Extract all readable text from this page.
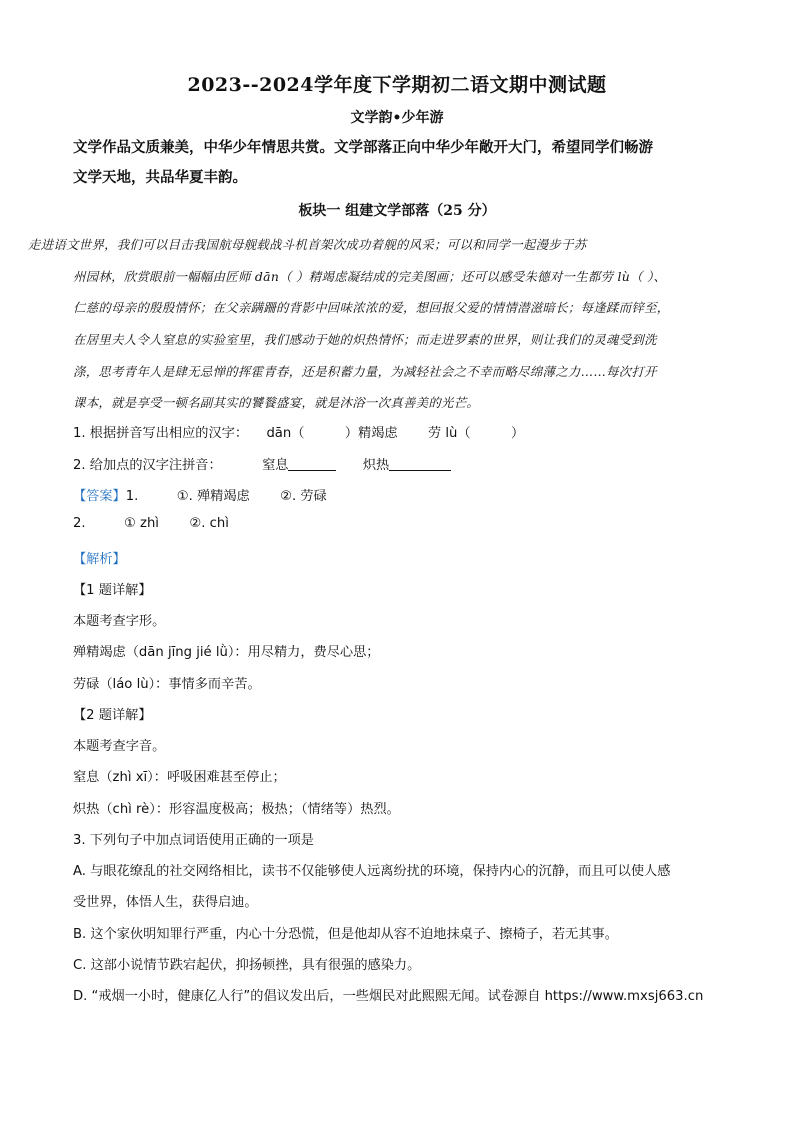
2023--2024学年度下学期初二语文期中测试题
文学韵•少年游
文学作品文质兼美，中华少年情思共赏。文学部落正向中华少年敞开大门，希望同学们畅游
文学天地，共品华夏丰韵。
板块一 组建文学部落（25 分）
走进语文世界，我们可以目击我国航母舰载战斗机首架次成功着舰的风采；可以和同学一起漫步于苏
州园林，欣赏眼前一幅幅由匠师 dān（ ）精竭虑凝结成的完美图画；还可以感受朱德对一生都劳 lù（ ）、
仁慈的母亲的殷殷情怀；在父亲蹒跚的背影中回味浓浓的爱，想回报父爱的情情潜滋暗长；每逢蹂而锌至，
在居里夫人令人窒息的实验室里，我们感动于她的炽热情怀；而走进罗素的世界，则让我们的灵魂受到洗
涤，思考青年人是肆无忌惮的挥霍青春，还是积蓄力量，为减轻社会之不幸而略尽绵薄之力……每次打开
课本，就是享受一顿名副其实的饕餮盛宴，就是沐浴一次真善美的光芒。
1. 根据拼音写出相应的汉字： dān（	）精竭虑 劳 lù（	）
2. 给加点的汉字注拼音：	窒息	炽热
【答案】1.	①. 殚精竭虑 ②. 劳碌
2.	① zhì ②. chì
【解析】
【1 题详解】
本题考查字形。
殚精竭虑（dān jīng jié lǜ）：用尽精力，费尽心思；
劳碌（láo lù）：事情多而辛苦。
【2 题详解】
本题考查字音。
窒息（zhì xī）：呼吸困难甚至停止；
炽热（chì rè）：形容温度极高；极热；（情绪等）热烈。
3. 下列句子中加点词语使用正确的一项是
A. 与眼花缭乱的社交网络相比，读书不仅能够使人远离纷扰的环境，保持内心的沉静，而且可以使人感
受世界，体悟人生，获得启迪。
B. 这个家伙明知罪行严重，内心十分恐慌，但是他却从容不迫地抹桌子、擦椅子，若无其事。
C. 这部小说情节跌宕起伏，抑扬顿挫，具有很强的感染力。
D. “戒烟一小时，健康亿人行”的倡议发出后，一些烟民对此熙熙无闻。试卷源自 https://www.mxsj663.cn
